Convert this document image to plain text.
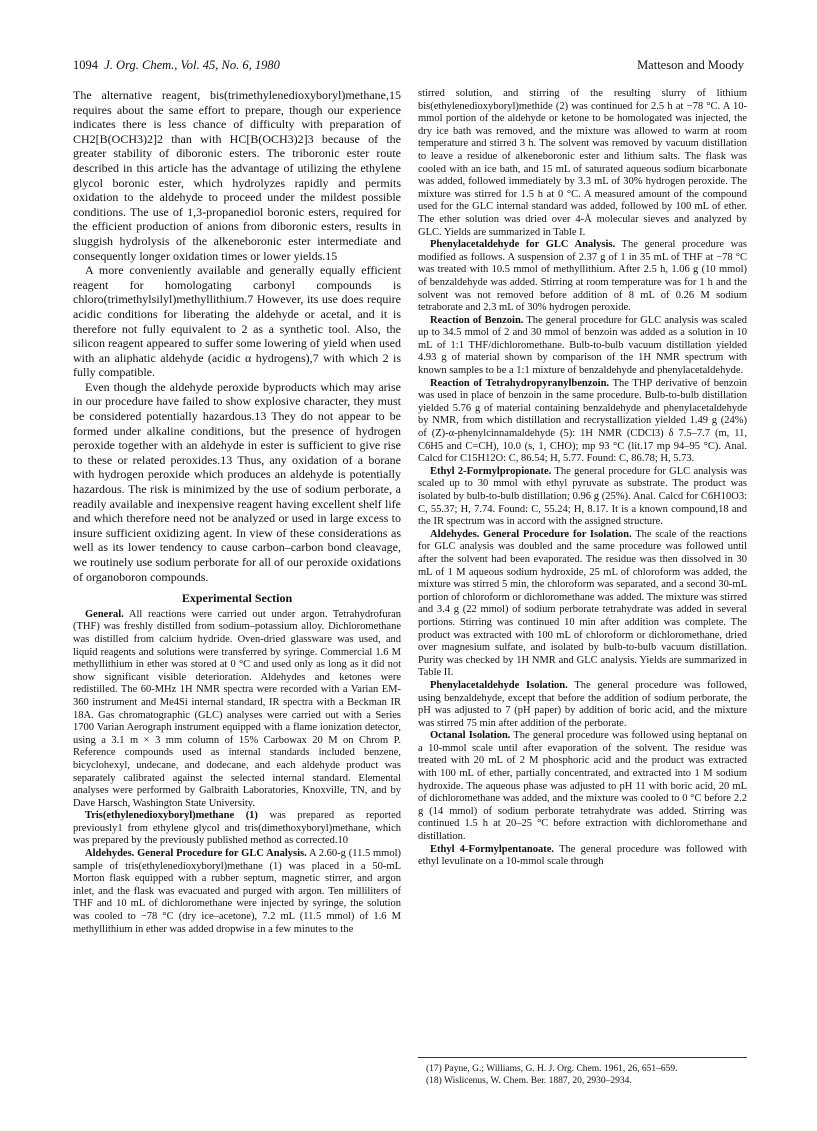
1094 J. Org. Chem., Vol. 45, No. 6, 1980	Matteson and Moody

The alternative reagent, bis(trimethylenedioxyboryl)methane,15 requires about the same effort to prepare, though our experience indicates there is less chance of difficulty with preparation of CH2[B(OCH3)2]2 than with HC[B(OCH3)2]3 because of the greater stability of diboronic esters. The triboronic ester route described in this article has the advantage of utilizing the ethylene glycol boronic ester, which hydrolyzes rapidly and permits oxidation to the aldehyde to proceed under the mildest possible conditions. The use of 1,3-propanediol boronic esters, required for the efficient production of anions from diboronic esters, results in sluggish hydrolysis of the alkeneboronic ester intermediate and consequently longer oxidation times or lower yields.15

A more conveniently available and generally equally efficient reagent for homologating carbonyl compounds is chloro(trimethylsilyl)methyllithium.7 However, its use does require acidic conditions for liberating the aldehyde or acetal, and it is therefore not fully equivalent to 2 as a synthetic tool. Also, the silicon reagent appeared to suffer some lowering of yield when used with an aliphatic aldehyde (acidic α hydrogens),7 with which 2 is fully compatible.

Even though the aldehyde peroxide byproducts which may arise in our procedure have failed to show explosive character, they must be considered potentially hazardous.13 They do not appear to be formed under alkaline conditions, but the presence of hydrogen peroxide together with an aldehyde in ester is sufficient to give rise to these or related peroxides.13 Thus, any oxidation of a borane with hydrogen peroxide which produces an aldehyde is potentially hazardous. The risk is minimized by the use of sodium perborate, a readily available and inexpensive reagent having excellent shelf life and which therefore need not be analyzed or used in large excess to insure sufficient oxidizing agent. In view of these considerations as well as its lower tendency to cause carbon–carbon bond cleavage, we routinely use sodium perborate for all of our peroxide oxidations of organoboron compounds.

Experimental Section

General. All reactions were carried out under argon. Tetrahydrofuran (THF) was freshly distilled from sodium–potassium alloy. Dichloromethane was distilled from calcium hydride. Oven-dried glassware was used, and liquid reagents and solutions were transferred by syringe. Commercial 1.6 M methyllithium in ether was stored at 0 °C and used only as long as it did not show significant visible deterioration. Aldehydes and ketones were redistilled. The 60-MHz 1H NMR spectra were recorded with a Varian EM-360 instrument and Me4Si internal standard, IR spectra with a Beckman IR 18A. Gas chromatographic (GLC) analyses were carried out with a Series 1700 Varian Aerograph instrument equipped with a flame ionization detector, using a 3.1 m × 3 mm column of 15% Carbowax 20 M on Chrom P. Reference compounds used as internal standards included benzene, bicyclohexyl, undecane, and dodecane, and each aldehyde product was separately calibrated against the selected internal standard. Elemental analyses were performed by Galbraith Laboratories, Knoxville, TN, and by Dave Harsch, Washington State University.

Tris(ethylenedioxyboryl)methane (1) was prepared as reported previously1 from ethylene glycol and tris(dimethoxyboryl)methane, which was prepared by the previously published method as corrected.10

Aldehydes. General Procedure for GLC Analysis. A 2.60-g (11.5 mmol) sample of tris(ethylenedioxyboryl)methane (1) was placed in a 50-mL Morton flask equipped with a rubber septum, magnetic stirrer, and argon inlet, and the flask was evacuated and purged with argon. Ten milliliters of THF and 10 mL of dichloromethane were injected by syringe, the solution was cooled to −78 °C (dry ice–acetone), 7.2 mL (11.5 mmol) of 1.6 M methyllithium in ether was added dropwise in a few minutes to the

stirred solution, and stirring of the resulting slurry of lithium bis(ethylenedioxyboryl)methide (2) was continued for 2.5 h at −78 °C. A 10-mmol portion of the aldehyde or ketone to be homologated was injected, the dry ice bath was removed, and the mixture was allowed to warm at room temperature and stirred 3 h. The solvent was removed by vacuum distillation to leave a residue of alkeneboronic ester and lithium salts. The flask was cooled with an ice bath, and 15 mL of saturated aqueous sodium bicarbonate was added, followed immediately by 3.3 mL of 30% hydrogen peroxide. The mixture was stirred for 1.5 h at 0 °C. A measured amount of the compound used for the GLC internal standard was added, followed by 100 mL of ether. The ether solution was dried over 4-Å molecular sieves and analyzed by GLC. Yields are summarized in Table I.

Phenylacetaldehyde for GLC Analysis. The general procedure was modified as follows. A suspension of 2.37 g of 1 in 35 mL of THF at −78 °C was treated with 10.5 mmol of methyllithium. After 2.5 h, 1.06 g (10 mmol) of benzaldehyde was added. Stirring at room temperature was for 1 h and the solvent was not removed before addition of 8 mL of 0.26 M sodium tetraborate and 2.3 mL of 30% hydrogen peroxide.

Reaction of Benzoin. The general procedure for GLC analysis was scaled up to 34.5 mmol of 2 and 30 mmol of benzoin was added as a solution in 10 mL of 1:1 THF/dichloromethane. Bulb-to-bulb vacuum distillation yielded 4.93 g of material shown by comparison of the 1H NMR spectrum with known samples to be a 1:1 mixture of benzaldehyde and phenylacetaldehyde.

Reaction of Tetrahydropyranylbenzoin. The THP derivative of benzoin was used in place of benzoin in the same procedure. Bulb-to-bulb distillation yielded 5.76 g of material containing benzaldehyde and phenylacetaldehyde by NMR, from which distillation and recrystallization yielded 1.49 g (24%) of (Z)-α-phenylcinnamaldehyde (5): 1H NMR (CDCl3) δ 7.5–7.7 (m, 11, C6H5 and C=CH), 10.0 (s, 1, CHO); mp 93 °C (lit.17 mp 94–95 °C). Anal. Calcd for C15H12O: C, 86.54; H, 5.77. Found: C, 86.78; H, 5.73.

Ethyl 2-Formylpropionate. The general procedure for GLC analysis was scaled up to 30 mmol with ethyl pyruvate as substrate. The product was isolated by bulb-to-bulb distillation; 0.96 g (25%). Anal. Calcd for C6H10O3: C, 55.37; H, 7.74. Found: C, 55.24; H, 8.17. It is a known compound,18 and the IR spectrum was in accord with the assigned structure.

Aldehydes. General Procedure for Isolation. The scale of the reactions for GLC analysis was doubled and the same procedure was followed until after the solvent had been evaporated. The residue was then dissolved in 30 mL of 1 M aqueous sodium hydroxide, 25 mL of chloroform was added, the mixture was stirred 5 min, the chloroform was separated, and a second 30-mL portion of chloroform or dichloromethane was added. The mixture was stirred and 3.4 g (22 mmol) of sodium perborate tetrahydrate was added in several portions. Stirring was continued 10 min after addition was complete. The product was extracted with 100 mL of chloroform or dichloromethane, dried over magnesium sulfate, and isolated by bulb-to-bulb vacuum distillation. Purity was checked by 1H NMR and GLC analysis. Yields are summarized in Table II.

Phenylacetaldehyde Isolation. The general procedure was followed, using benzaldehyde, except that before the addition of sodium perborate, the pH was adjusted to 7 (pH paper) by addition of boric acid, and the mixture was stirred 75 min after addition of the perborate.

Octanal Isolation. The general procedure was followed using heptanal on a 10-mmol scale until after evaporation of the solvent. The residue was treated with 20 mL of 2 M phosphoric acid and the product was extracted with 100 mL of ether, partially concentrated, and extracted into 1 M sodium hydroxide. The aqueous phase was adjusted to pH 11 with boric acid, 20 mL of dichloromethane was added, and the mixture was cooled to 0 °C before 2.2 g (14 mmol) of sodium perborate tetrahydrate was added. Stirring was continued 1.5 h at 20–25 °C before extraction with dichloromethane and distillation.

Ethyl 4-Formylpentanoate. The general procedure was followed with ethyl levulinate on a 10-mmol scale through

(17) Payne, G.; Williams, G. H. J. Org. Chem. 1961, 26, 651–659.
(18) Wislicenus, W. Chem. Ber. 1887, 20, 2930–2934.
